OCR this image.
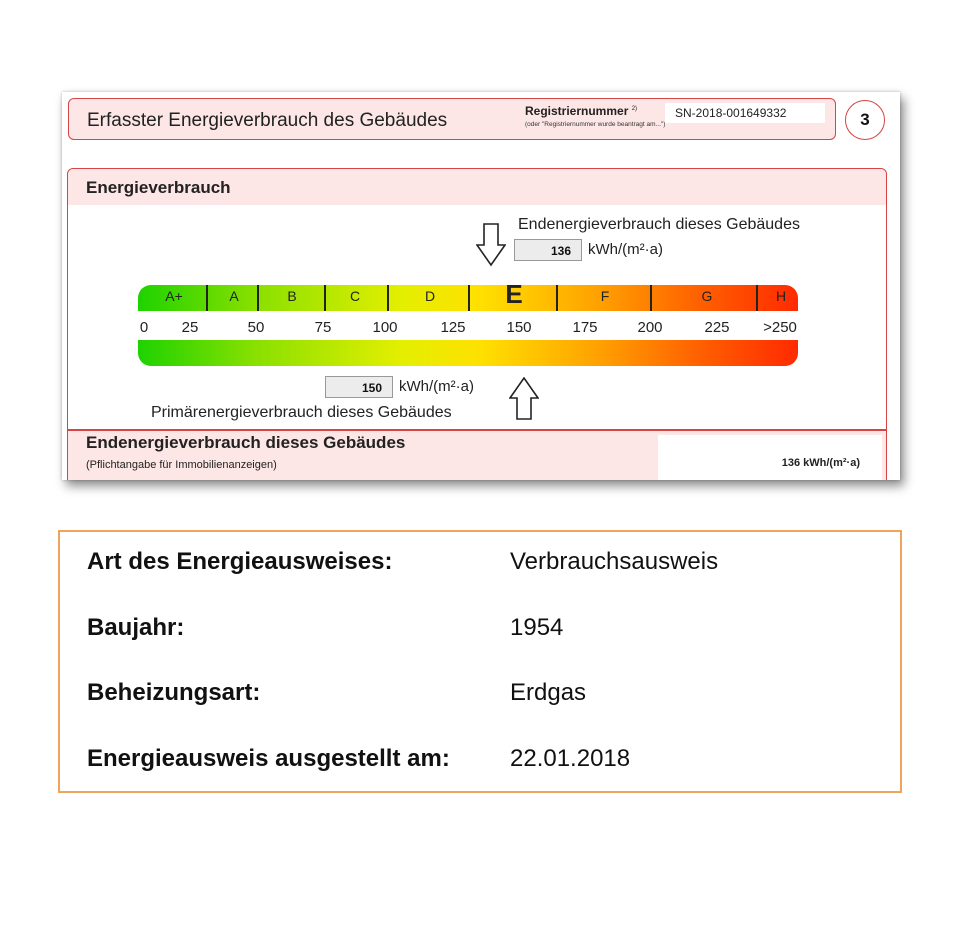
Erfasster Energieverbrauch des Gebäudes	Registriernummer $^{2)}$
(oder "Registriernummer wurde beantragt am...")
SN-2018-001649332	3
Energieverbrauch
Endenergieverbrauch dieses Gebäudes
136	kWh/(m²·a)
150	kWh/(m²·a)
Primärenergieverbrauch dieses Gebäudes
Endenergieverbrauch dieses Gebäudes
(Pflichtangabe für Immobilienanzeigen)	136 kWh/(m²·a)
A+	A	B	C	D	E	F	G	H
0 25	50	75	100	125	150	175	200	225 >250
Art des Energieausweises:	Verbrauchsausweis
Baujahr:	1954
Beheizungsart:	Erdgas
Energieausweis ausgestellt am:	22.01.2018
